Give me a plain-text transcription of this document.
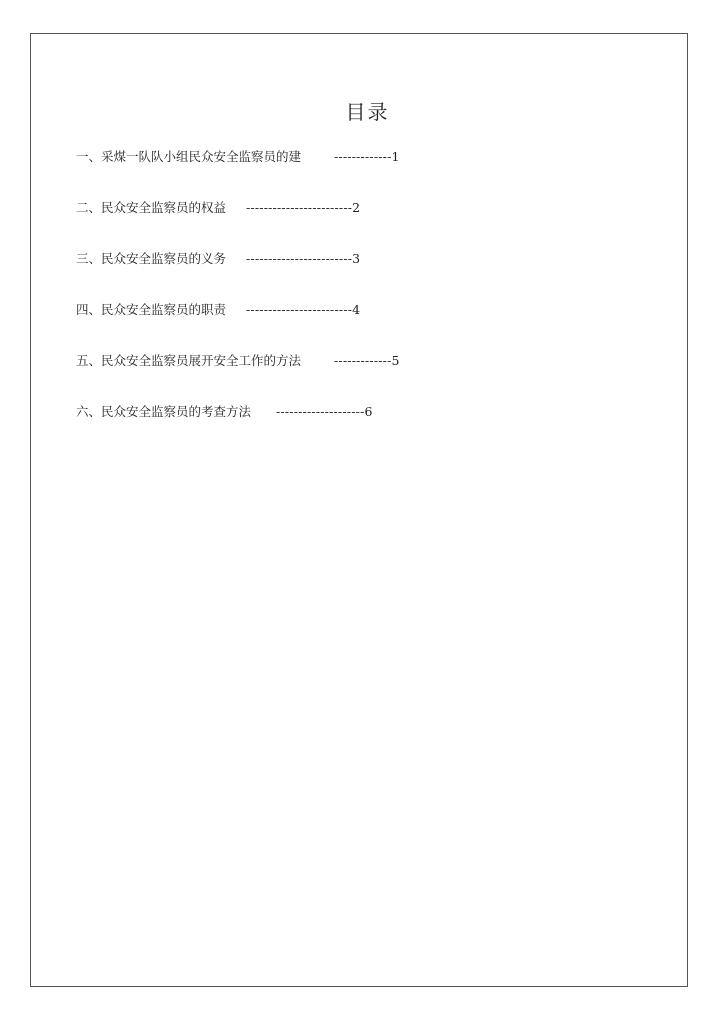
目录
一、采煤一队队小组民众安全监察员的建	-------------1
二、民众安全监察员的权益 ------------------------2
三、民众安全监察员的义务 ------------------------3
四、民众安全监察员的职责 ------------------------4
五、民众安全监察员展开安全工作的方法	-------------5
六、民众安全监察员的考查方法 --------------------6
